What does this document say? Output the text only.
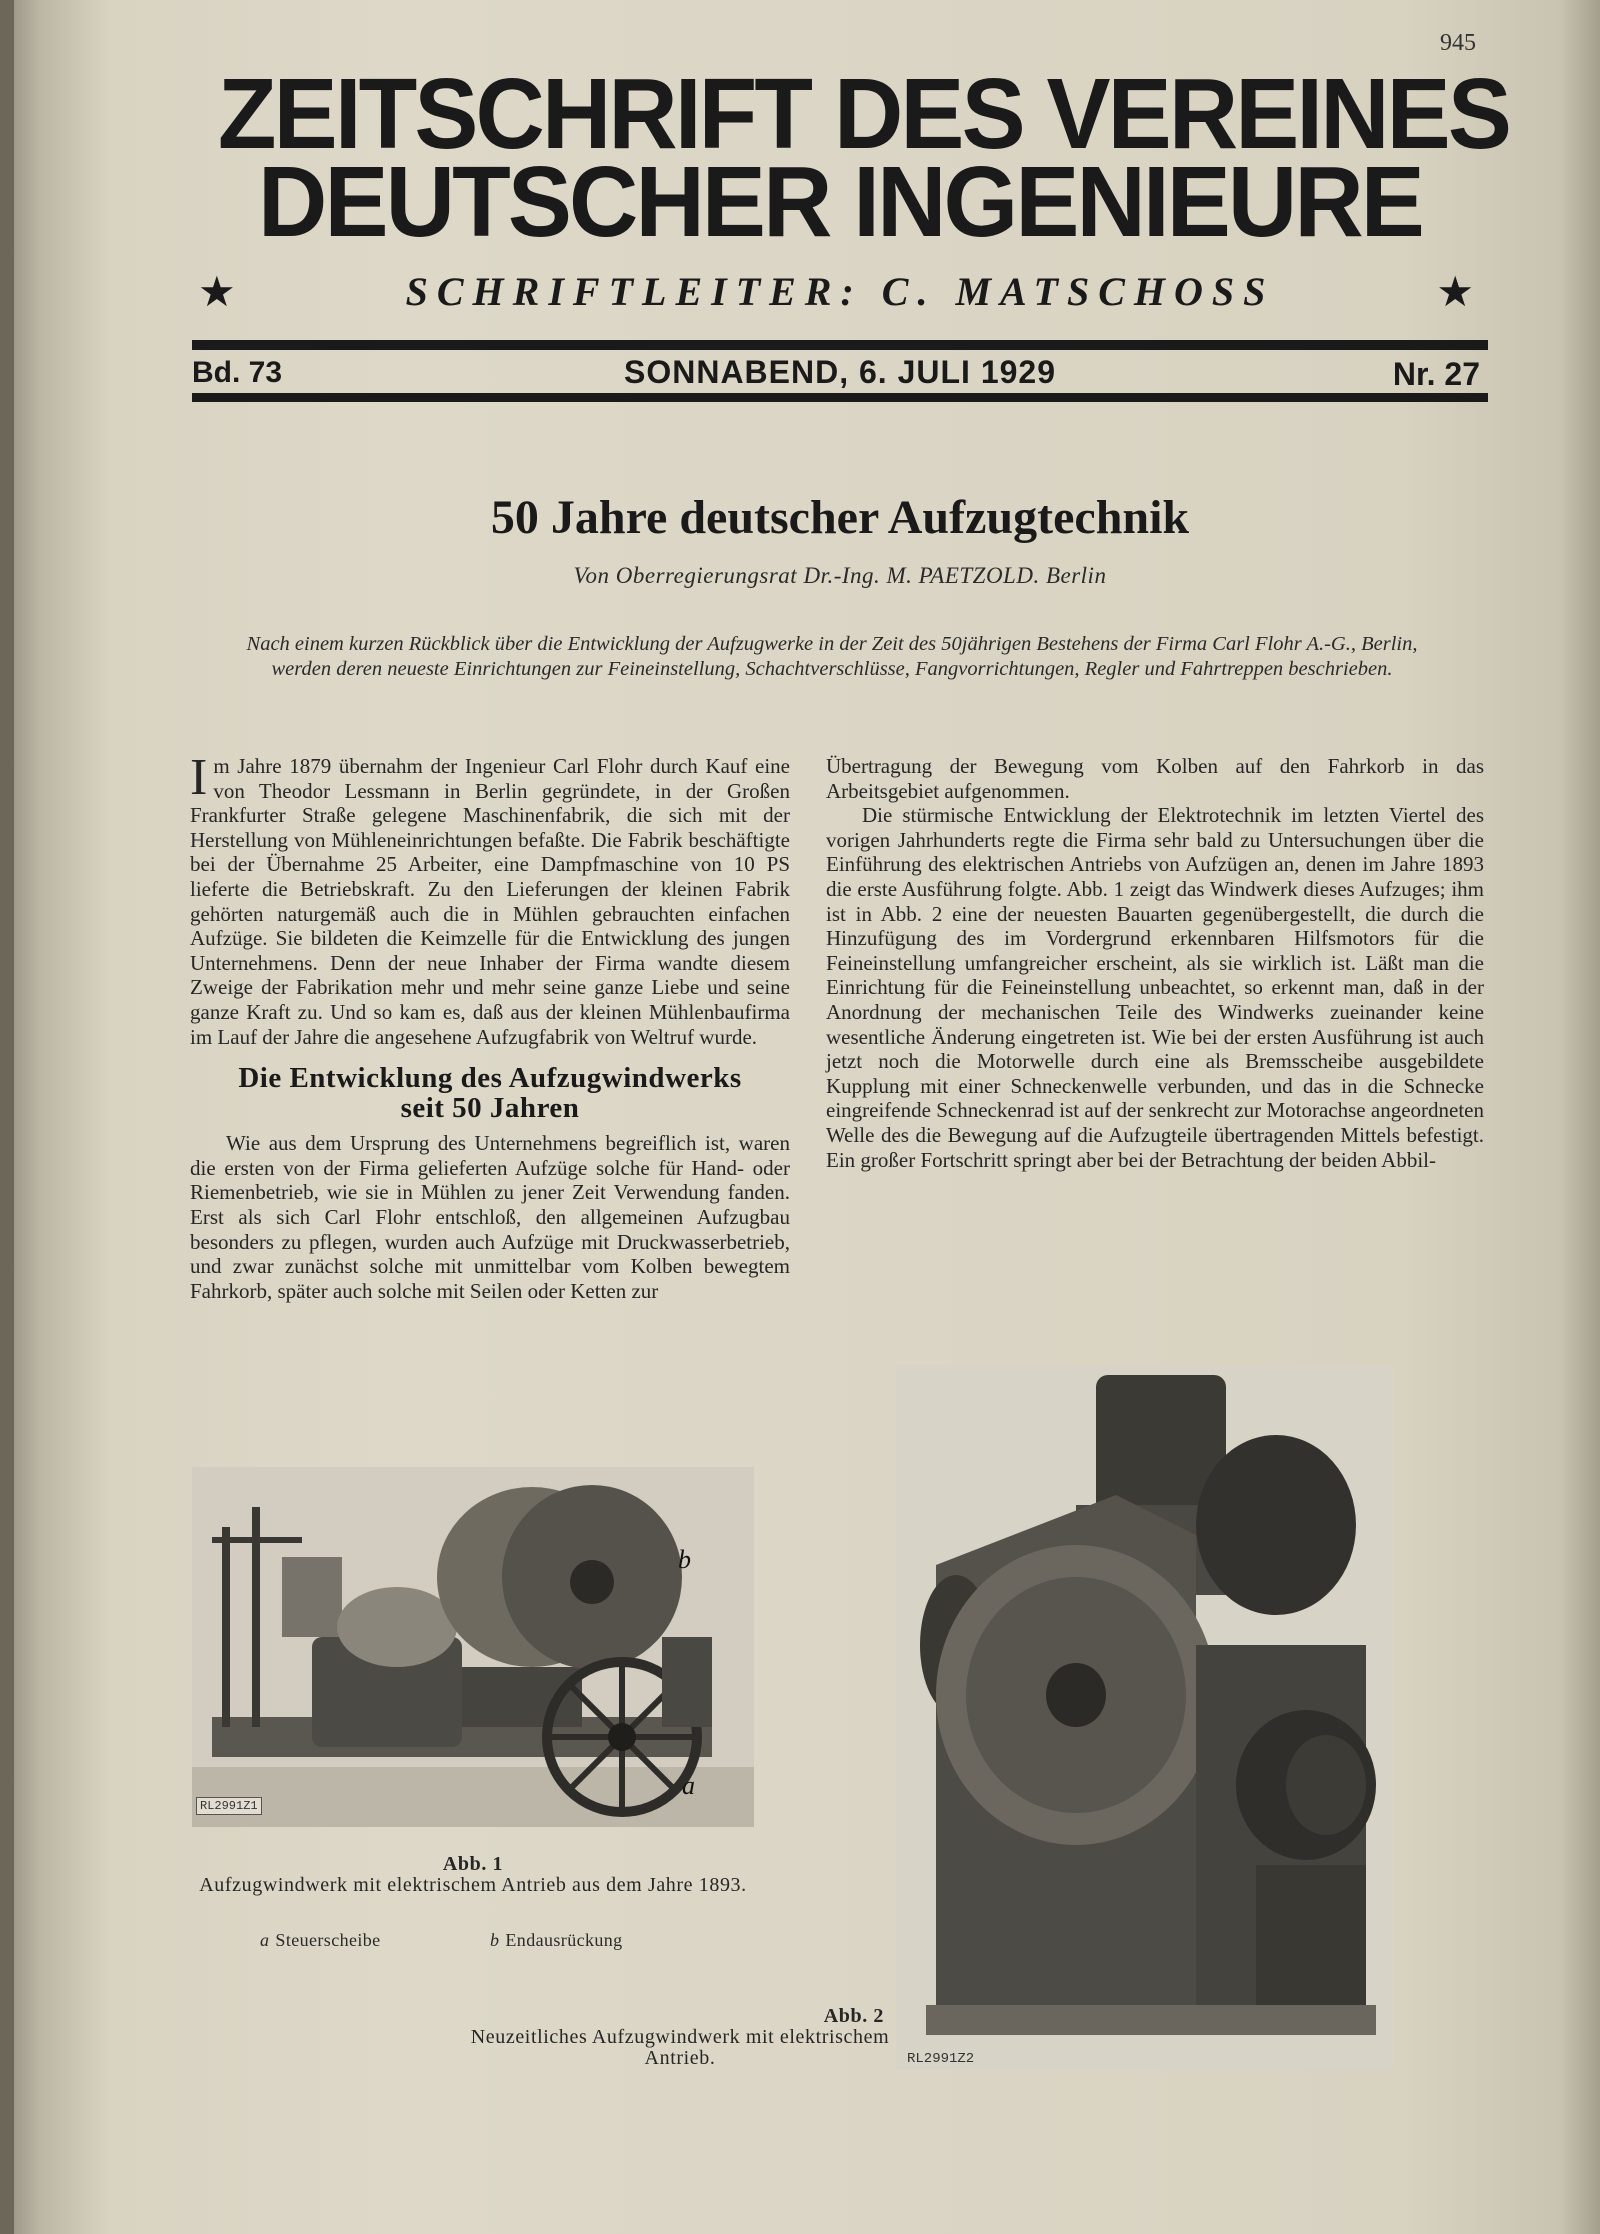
945
ZEITSCHRIFT DES VEREINES
DEUTSCHER INGENIEURE
★	SCHRIFTLEITER: C. MATSCHOSS	★
Bd. 73	SONNABEND, 6. JULI 1929	Nr. 27
50 Jahre deutscher Aufzugtechnik
Von Oberregierungsrat Dr.-Ing. M. PAETZOLD. Berlin
Nach einem kurzen Rückblick über die Entwicklung der Aufzugwerke in der Zeit des 50jährigen Bestehens der Firma Carl Flohr A.-G., Berlin, werden deren neueste Einrichtungen zur Feineinstellung, Schachtverschlüsse, Fangvorrichtungen, Regler und Fahrtreppen beschrieben.

Im Jahre 1879 übernahm der Ingenieur Carl Flohr durch Kauf eine von Theodor Lessmann in Berlin gegründete, in der Großen Frankfurter Straße gelegene Maschinenfabrik, die sich mit der Herstellung von Mühleneinrichtungen befaßte. Die Fabrik beschäftigte bei der Übernahme 25 Arbeiter, eine Dampfmaschine von 10 PS lieferte die Betriebskraft. Zu den Lieferungen der kleinen Fabrik gehörten naturgemäß auch die in Mühlen gebrauchten einfachen Aufzüge. Sie bildeten die Keimzelle für die Entwicklung des jungen Unternehmens. Denn der neue Inhaber der Firma wandte diesem Zweige der Fabrikation mehr und mehr seine ganze Liebe und seine ganze Kraft zu. Und so kam es, daß aus der kleinen Mühlenbaufirma im Lauf der Jahre die angesehene Aufzugfabrik von Weltruf wurde.

Die Entwicklung des Aufzugwindwerks
seit 50 Jahren

Wie aus dem Ursprung des Unternehmens begreiflich ist, waren die ersten von der Firma gelieferten Aufzüge solche für Hand- oder Riemenbetrieb, wie sie in Mühlen zu jener Zeit Verwendung fanden. Erst als sich Carl Flohr entschloß, den allgemeinen Aufzugbau besonders zu pflegen, wurden auch Aufzüge mit Druckwasserbetrieb, und zwar zunächst solche mit unmittelbar vom Kolben bewegtem Fahrkorb, später auch solche mit Seilen oder Ketten zur

Übertragung der Bewegung vom Kolben auf den Fahrkorb in das Arbeitsgebiet aufgenommen.

Die stürmische Entwicklung der Elektrotechnik im letzten Viertel des vorigen Jahrhunderts regte die Firma sehr bald zu Untersuchungen über die Einführung des elektrischen Antriebs von Aufzügen an, denen im Jahre 1893 die erste Ausführung folgte. Abb. 1 zeigt das Windwerk dieses Aufzuges; ihm ist in Abb. 2 eine der neuesten Bauarten gegenübergestellt, die durch die Hinzufügung des im Vordergrund erkennbaren Hilfsmotors für die Feineinstellung umfangreicher erscheint, als sie wirklich ist. Läßt man die Einrichtung für die Feineinstellung unbeachtet, so erkennt man, daß in der Anordnung der mechanischen Teile des Windwerks zueinander keine wesentliche Änderung eingetreten ist. Wie bei der ersten Ausführung ist auch jetzt noch die Motorwelle durch eine als Bremsscheibe ausgebildete Kupplung mit einer Schneckenwelle verbunden, und das in die Schnecke eingreifende Schneckenrad ist auf der senkrecht zur Motorachse angeordneten Welle des die Bewegung auf die Aufzugteile übertragenden Mittels befestigt. Ein großer Fortschritt springt aber bei der Betrachtung der beiden Abbil-

a
b
RL2991Z1
Abb. 1
Aufzugwindwerk mit elektrischem Antrieb aus dem Jahre 1893.
a Steuerscheibe	b Endausrückung
RL2991Z2
Abb. 2
Neuzeitliches Aufzugwindwerk mit elektrischem Antrieb.
